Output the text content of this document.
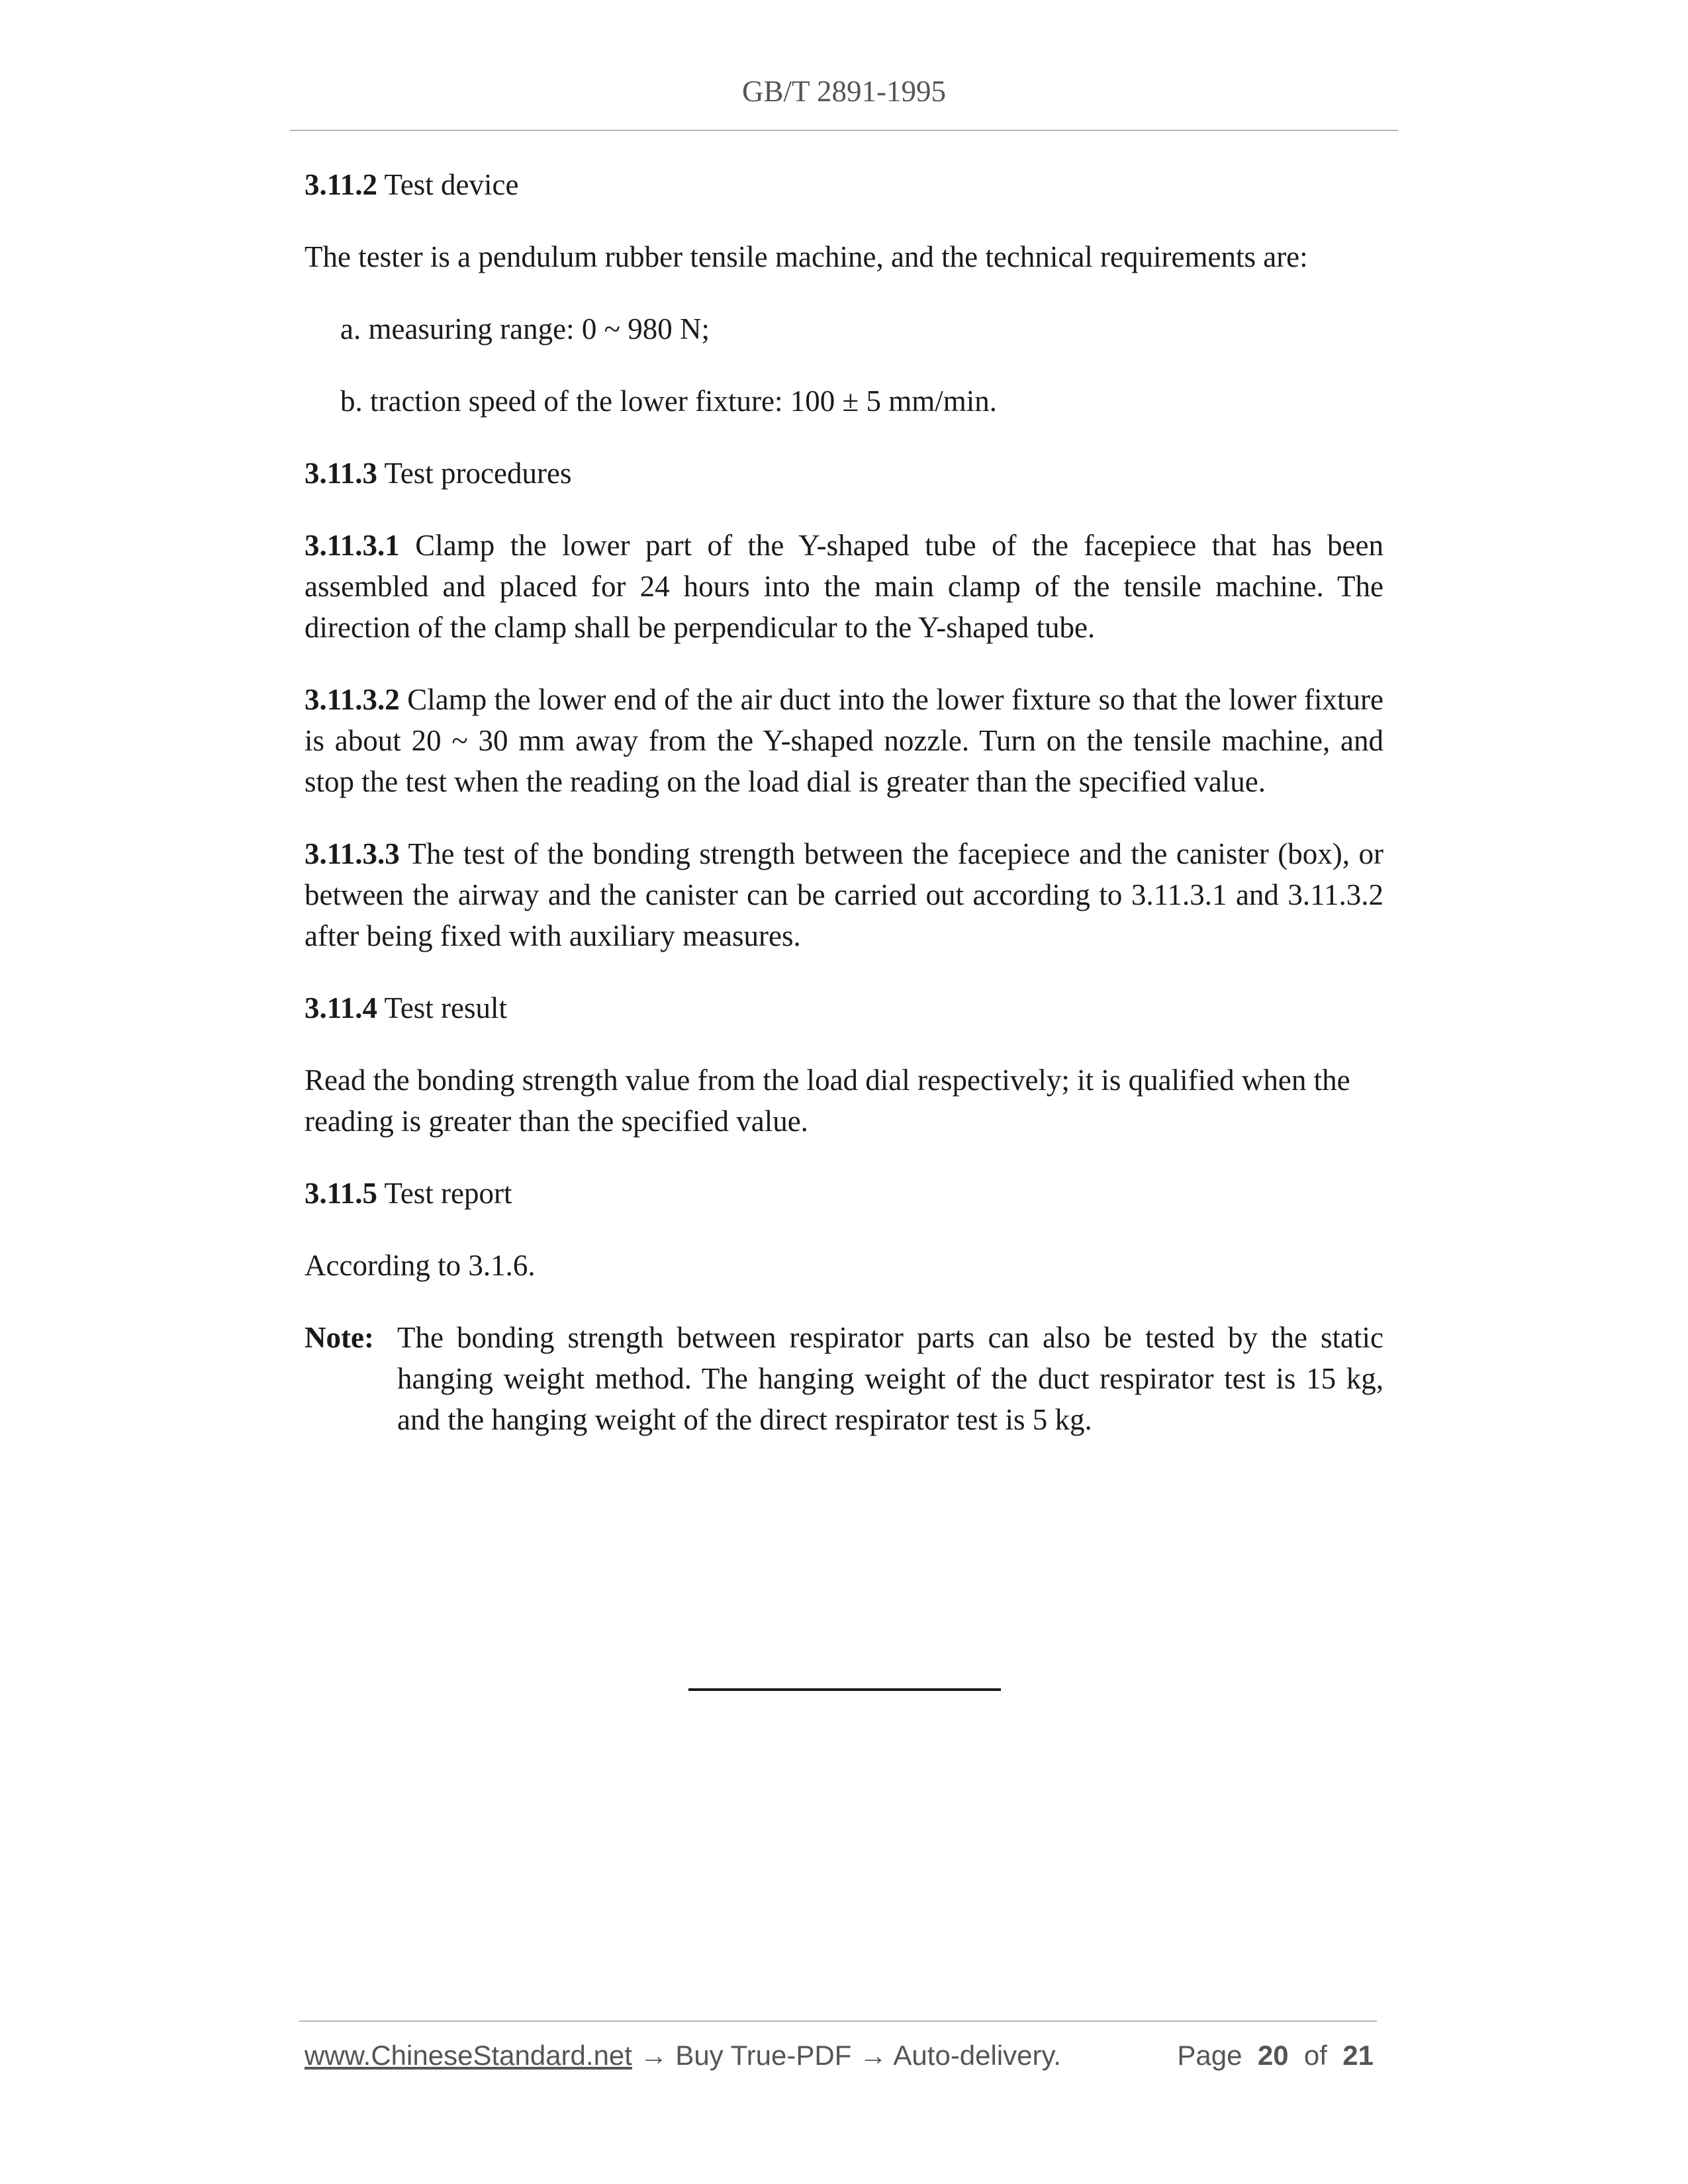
GB/T 2891-1995

3.11.2 Test device

The tester is a pendulum rubber tensile machine, and the technical requirements are:

a. measuring range: 0 ~ 980 N;

b. traction speed of the lower fixture: 100 ± 5 mm/min.

3.11.3 Test procedures

3.11.3.1 Clamp the lower part of the Y-shaped tube of the facepiece that has been assembled and placed for 24 hours into the main clamp of the tensile machine. The direction of the clamp shall be perpendicular to the Y-shaped tube.

3.11.3.2 Clamp the lower end of the air duct into the lower fixture so that the lower fixture is about 20 ~ 30 mm away from the Y-shaped nozzle. Turn on the tensile machine, and stop the test when the reading on the load dial is greater than the specified value.

3.11.3.3 The test of the bonding strength between the facepiece and the canister (box), or between the airway and the canister can be carried out according to 3.11.3.1 and 3.11.3.2 after being fixed with auxiliary measures.

3.11.4 Test result

Read the bonding strength value from the load dial respectively; it is qualified when the reading is greater than the specified value.

3.11.5 Test report

According to 3.1.6.

Note: The bonding strength between respirator parts can also be tested by the static hanging weight method. The hanging weight of the duct respirator test is 15 kg, and the hanging weight of the direct respirator test is 5 kg.
www.ChineseStandard.net → Buy True-PDF → Auto-delivery.	Page 20 of 21
